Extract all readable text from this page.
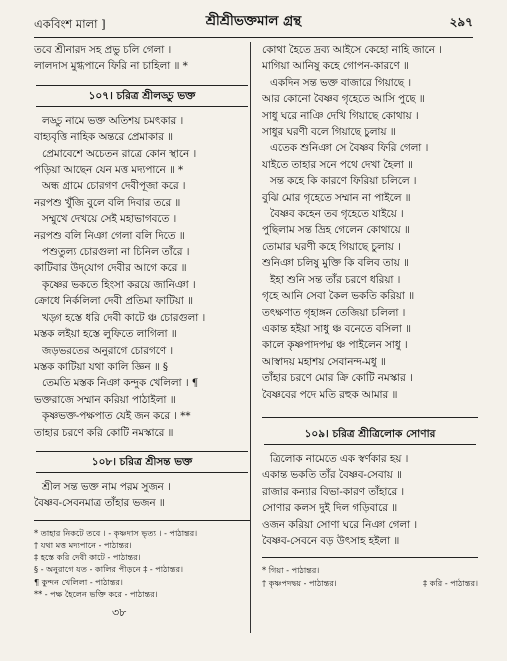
একবিংশ মালা ]	শ্রীশ্রীভক্তমাল গ্রন্থ	২৯৭
তবে শ্রীনারদ সহ প্রভু চলি গেলা ।
লালদাস মুগ্ধপানে ফিরি না চাহিলা ॥ *
১০৭। চরিত্র শ্রীলড্ডু ভক্ত
লড্ডু নামে ভক্ত অতিশয় চমৎকার ।
বাহ্যবৃত্তি নাহিক অন্তরে প্রেমাকার ॥
প্রেমাবেশে অচেতন রাত্রে কোন স্থানে ।
পড়িয়া আছেন যেন মত্ত মদ্যপানে ॥ *
অন্ধ গ্রামে চোরগণ দেবীপূজা করে ।
নরপশু খুঁজি বুলে বলি দিবার তরে ॥
সম্মুখে দেখয়ে সেই মহাভাগবতে ।
নরপশু বলি নিঞা গেলা বলি দিতে ॥
পশুতুল্য চোরগুলা না চিনিল তাঁরে ।
কাটিবার উদ্‌যোগ দেবীর আগে করে ॥
কৃষ্ণের ভকতে হিংসা করয়ে জানিঞা ।
ক্রোধে নির্কলিলা দেবী প্রতিমা ফাটিয়া ॥
খড়্গ হস্তে ধরি দেবী কাটে ঞ্চ চোরগুলা ।
মস্তক লইয়া হস্তে লুফিতে লাগিলা ॥
জড়ভরতের অনুরাগে চোরগণে ।
মস্তক কাটিয়া যথা কালি জ্ঞিন ॥ §
তেমতি মস্তক নিঞা কন্দুক খেলিলা । ¶
ভক্তরাজে সম্মান করিয়া পাঠাইলা ॥
কৃষ্ণভক্ত-পক্ষপাত যেই জন করে । **
তাহার চরণে করি কোটি নমস্কারে ॥
১০৮। চরিত্র শ্রীসন্ত ভক্ত
শ্রীল সন্ত ভক্ত নাম পরম সুজন ।
বৈষ্ণব-সেবনমাত্র তাঁহার ভজন ॥
* তাহার নিকটে তবে । - কৃষ্ণদাস ভৃত্য । - পাঠান্তর।
† যথা মত্ত মদ্যপানে - পাঠান্তর।
‡ হস্তে করি দেবী কাটে - পাঠান্তর।
§ - অনুরাগে যত - কালির পীড়নে ‡ - পাঠান্তর।
¶ কুন্দন খেলিলা - পাঠান্তর।
** - পক্ষ হৈলেন ভক্তি করে - পাঠান্তর।
কোথা হৈতে দ্রব্য আইসে কেহো নাহি জানে ।
মাগিয়া আনিষু কহে গোপন-কারণে ॥
একদিন সন্ত ভক্ত বাজারে গিয়াছে ।
আর কোনো বৈষ্ণব গৃহেতে আসি পুছে ॥
সাধু ঘরে নাঞি দেখি গিয়াছে কোথায় ।
সাধুর ঘরণী বলে গিয়াছে চুলায় ॥
এতেক শুনিঞা সে বৈষ্ণব ফিরি গেলা ।
যাইতে তাহার সনে পথে দেখা হৈলা ॥
সন্ত কহে কি কারণে ফিরিয়া চলিলে ।
বুঝি মোর গৃহেতে সম্মান না পাইলে ॥
বৈষ্ণব কহেন তব গৃহেতে যাইয়ে ।
পুছিলাম সন্ত ভ্রিহ গেলেন কোথায়ে ॥
তোমার ঘরণী কহে গিয়াছে চুলায় ।
শুনিঞা চলিষু মুক্তি কি বলিব তায় ॥
ইহা শুনি সন্ত তাঁর চরণে ধরিয়া ।
গৃহে আনি সেবা কৈল ভকতি করিয়া ॥
তৎক্ষণাত গৃহাঙ্গন তেজিয়া চলিলা ।
একান্ত হইয়া সাধু ঞ্চ বনেতে বসিলা ॥
কালে কৃষ্ণপাদপদ্ম ঞ্চ পাইলেন সাধু ।
আস্বাদয় মহাশয় সেবানন্দ-মধু ॥
তাঁহার চরণে মোর ক্রি কোটি নমস্কার ।
বৈষ্ণবের পদে মতি রহুক আমার ॥
১০৯। চরিত্র শ্রীত্রিলোক সোণার
ত্রিলোক নামেতে এক স্বর্ণকার হয় ।
একান্ত ভকতি তাঁর বৈষ্ণব-সেবায় ॥
রাজার কন্যার বিভা-কারণ তাঁহারে ।
সোণার কলস দুই দিল গড়িবারে ॥
ওজন করিয়া সোণা ঘরে নিঞা গেলা ।
বৈষ্ণব-সেবনে বড় উৎসাহ হইলা ॥
* গিয়া - পাঠান্তর।
† কৃষ্ণপদদ্বয় - পাঠান্তর।	‡ করি - পাঠান্তর।
৩৮
